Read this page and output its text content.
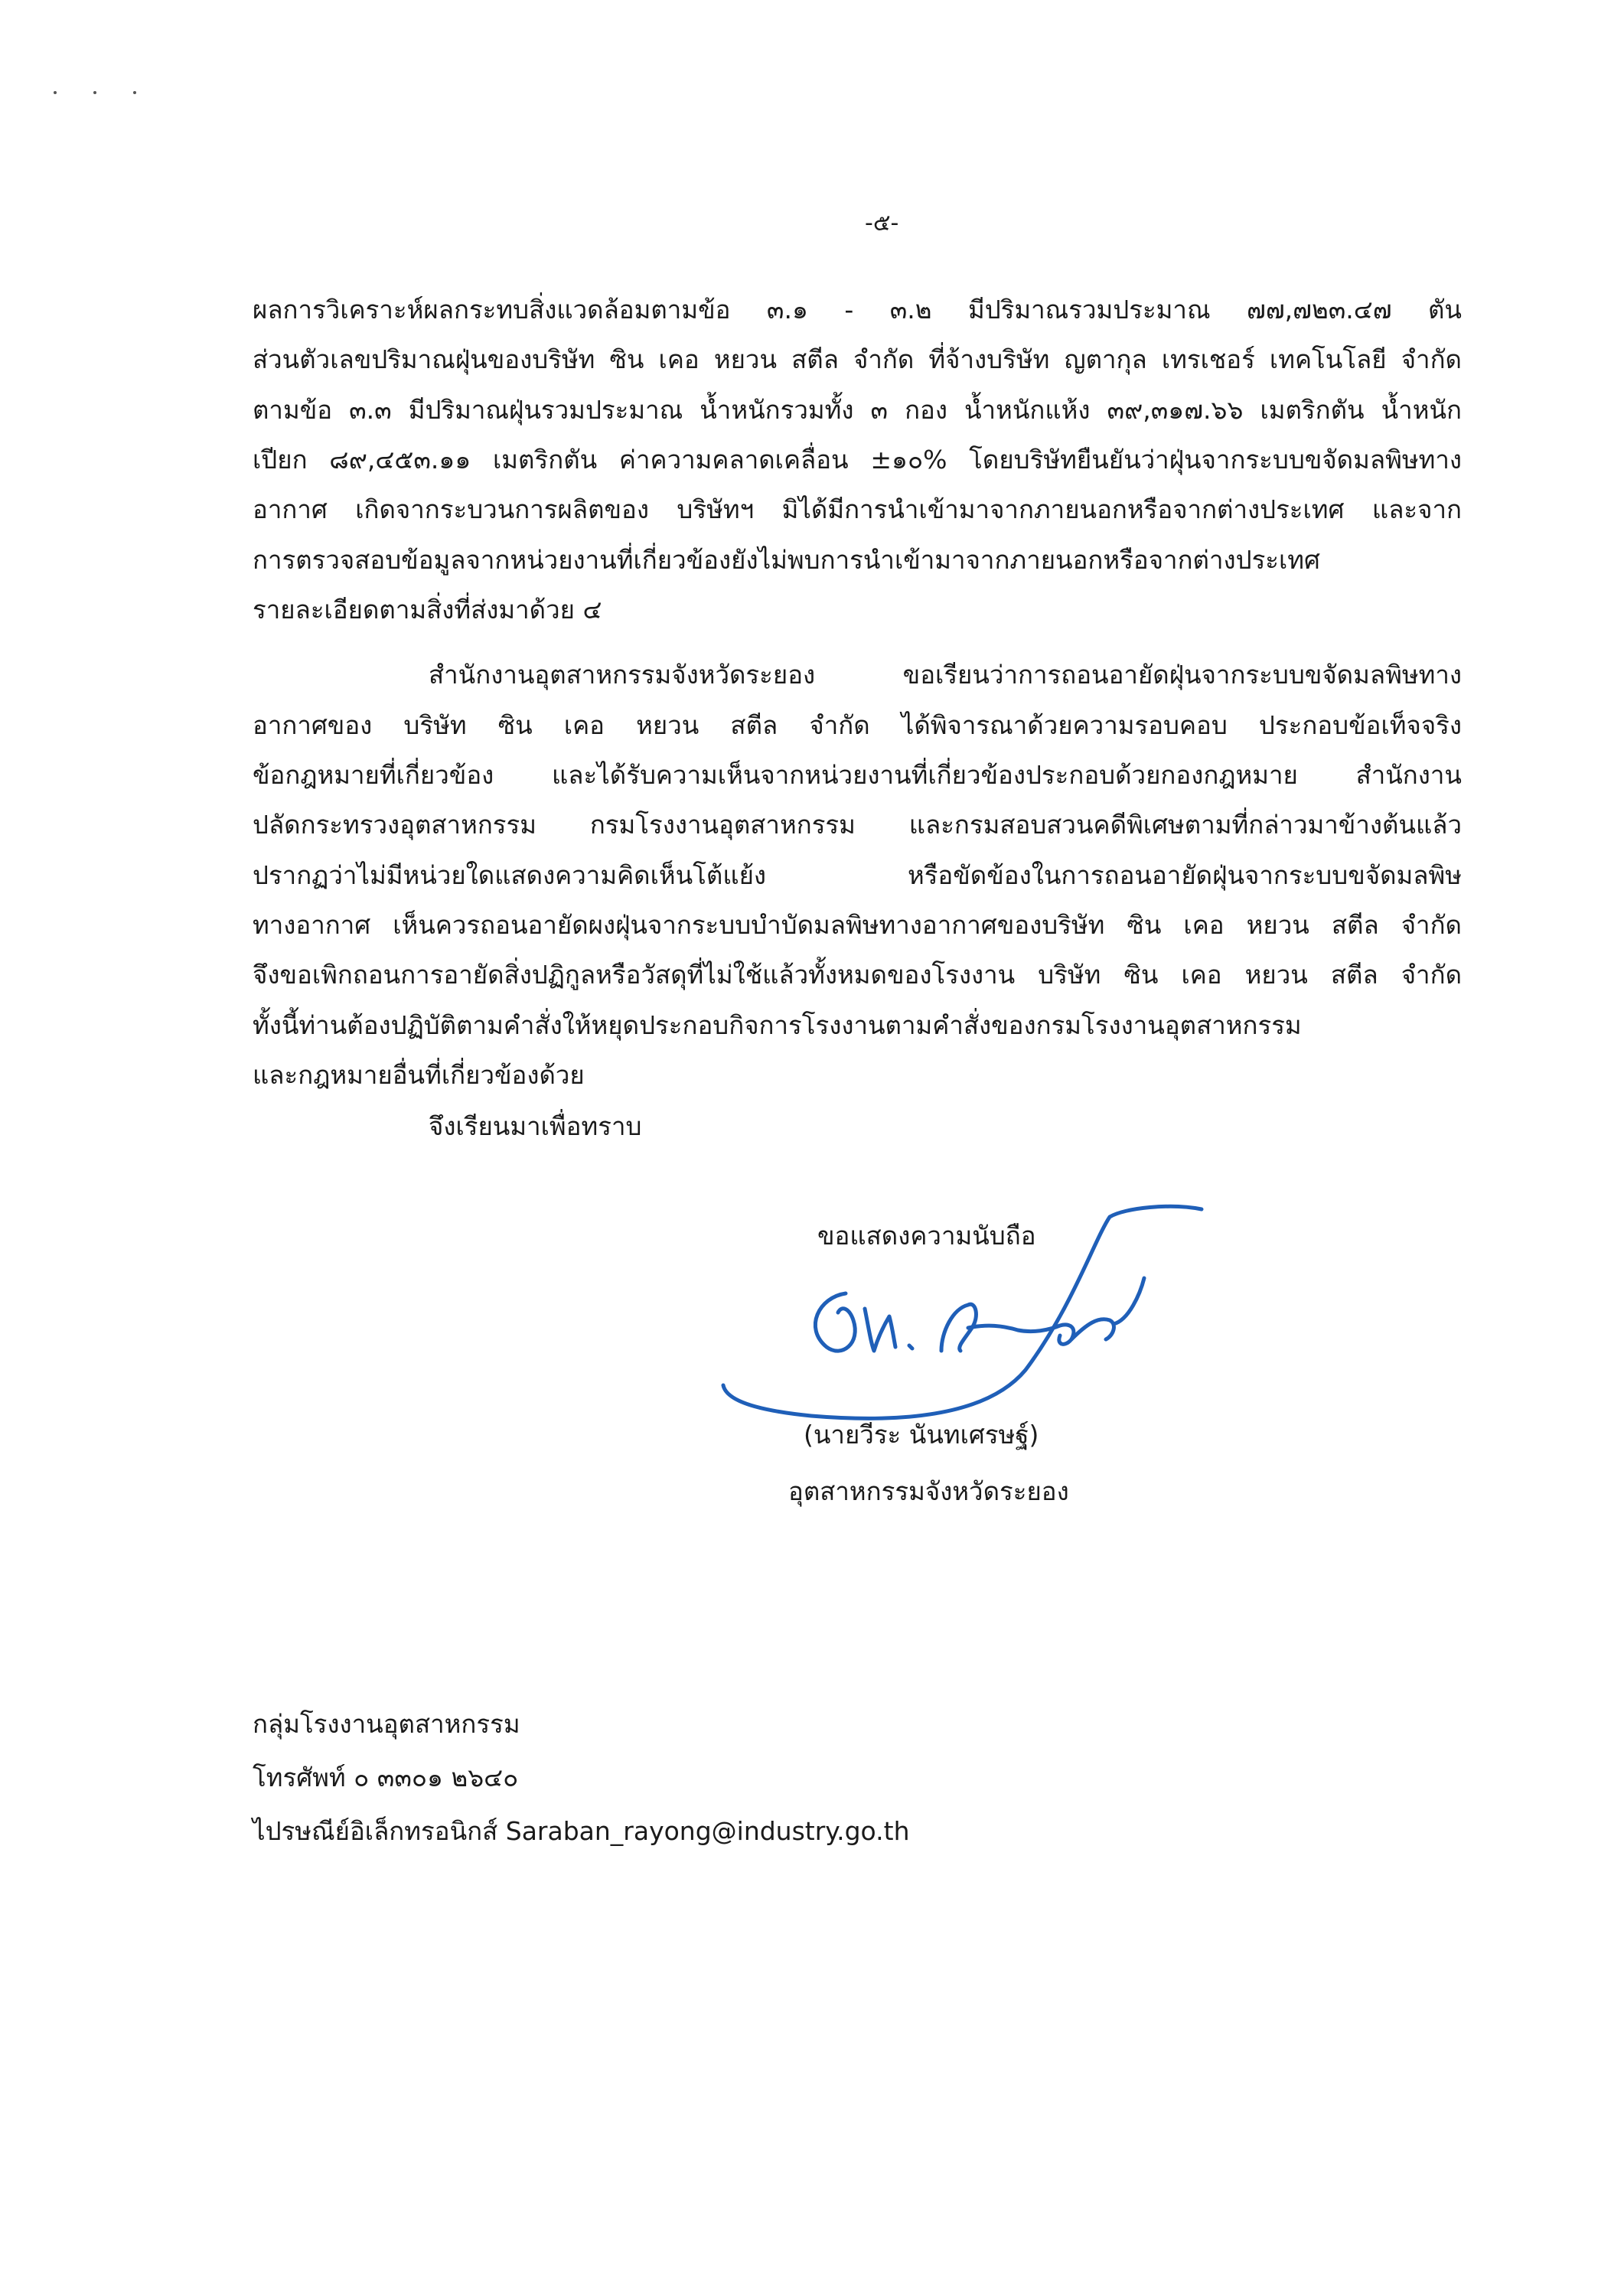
-๕-
ผลการวิเคราะห์ผลกระทบสิ่งแวดล้อมตามข้อ ๓.๑ - ๓.๒ มีปริมาณรวมประมาณ ๗๗,๗๒๓.๔๗ ตัน
ส่วนตัวเลขปริมาณฝุ่นของบริษัท ซิน เคอ หยวน สตีล จำกัด ที่จ้างบริษัท ญตากุล เทรเชอร์ เทคโนโลยี จำกัด
ตามข้อ ๓.๓ มีปริมาณฝุ่นรวมประมาณ น้ำหนักรวมทั้ง ๓ กอง น้ำหนักแห้ง ๓๙,๓๑๗.๖๖ เมตริกตัน น้ำหนัก
เปียก ๘๙,๔๕๓.๑๑ เมตริกตัน ค่าความคลาดเคลื่อน ±๑๐% โดยบริษัทยืนยันว่าฝุ่นจากระบบขจัดมลพิษทาง
อากาศ เกิดจากระบวนการผลิตของ บริษัทฯ มิได้มีการนำเข้ามาจากภายนอกหรือจากต่างประเทศ และจาก
การตรวจสอบข้อมูลจากหน่วยงานที่เกี่ยวข้องยังไม่พบการนำเข้ามาจากภายนอกหรือจากต่างประเทศ
รายละเอียดตามสิ่งที่ส่งมาด้วย ๔
สำนักงานอุตสาหกรรมจังหวัดระยอง ขอเรียนว่าการถอนอายัดฝุ่นจากระบบขจัดมลพิษทาง
อากาศของ บริษัท ซิน เคอ หยวน สตีล จำกัด ได้พิจารณาด้วยความรอบคอบ ประกอบข้อเท็จจริง
ข้อกฎหมายที่เกี่ยวข้อง และได้รับความเห็นจากหน่วยงานที่เกี่ยวข้องประกอบด้วยกองกฎหมาย สำนักงาน
ปลัดกระทรวงอุตสาหกรรม กรมโรงงานอุตสาหกรรม และกรมสอบสวนคดีพิเศษตามที่กล่าวมาข้างต้นแล้ว
ปรากฏว่าไม่มีหน่วยใดแสดงความคิดเห็นโต้แย้ง หรือขัดข้องในการถอนอายัดฝุ่นจากระบบขจัดมลพิษ
ทางอากาศ เห็นควรถอนอายัดผงฝุ่นจากระบบบำบัดมลพิษทางอากาศของบริษัท ซิน เคอ หยวน สตีล จำกัด
จึงขอเพิกถอนการอายัดสิ่งปฏิกูลหรือวัสดุที่ไม่ใช้แล้วทั้งหมดของโรงงาน บริษัท ซิน เคอ หยวน สตีล จำกัด
ทั้งนี้ท่านต้องปฏิบัติตามคำสั่งให้หยุดประกอบกิจการโรงงานตามคำสั่งของกรมโรงงานอุตสาหกรรม
และกฎหมายอื่นที่เกี่ยวข้องด้วย
จึงเรียนมาเพื่อทราบ
ขอแสดงความนับถือ
(นายวีระ นันทเศรษฐ์)
อุตสาหกรรมจังหวัดระยอง
กลุ่มโรงงานอุตสาหกรรม
โทรศัพท์ ๐ ๓๓๐๑ ๒๖๔๐
ไปรษณีย์อิเล็กทรอนิกส์ Saraban_rayong@industry.go.th
